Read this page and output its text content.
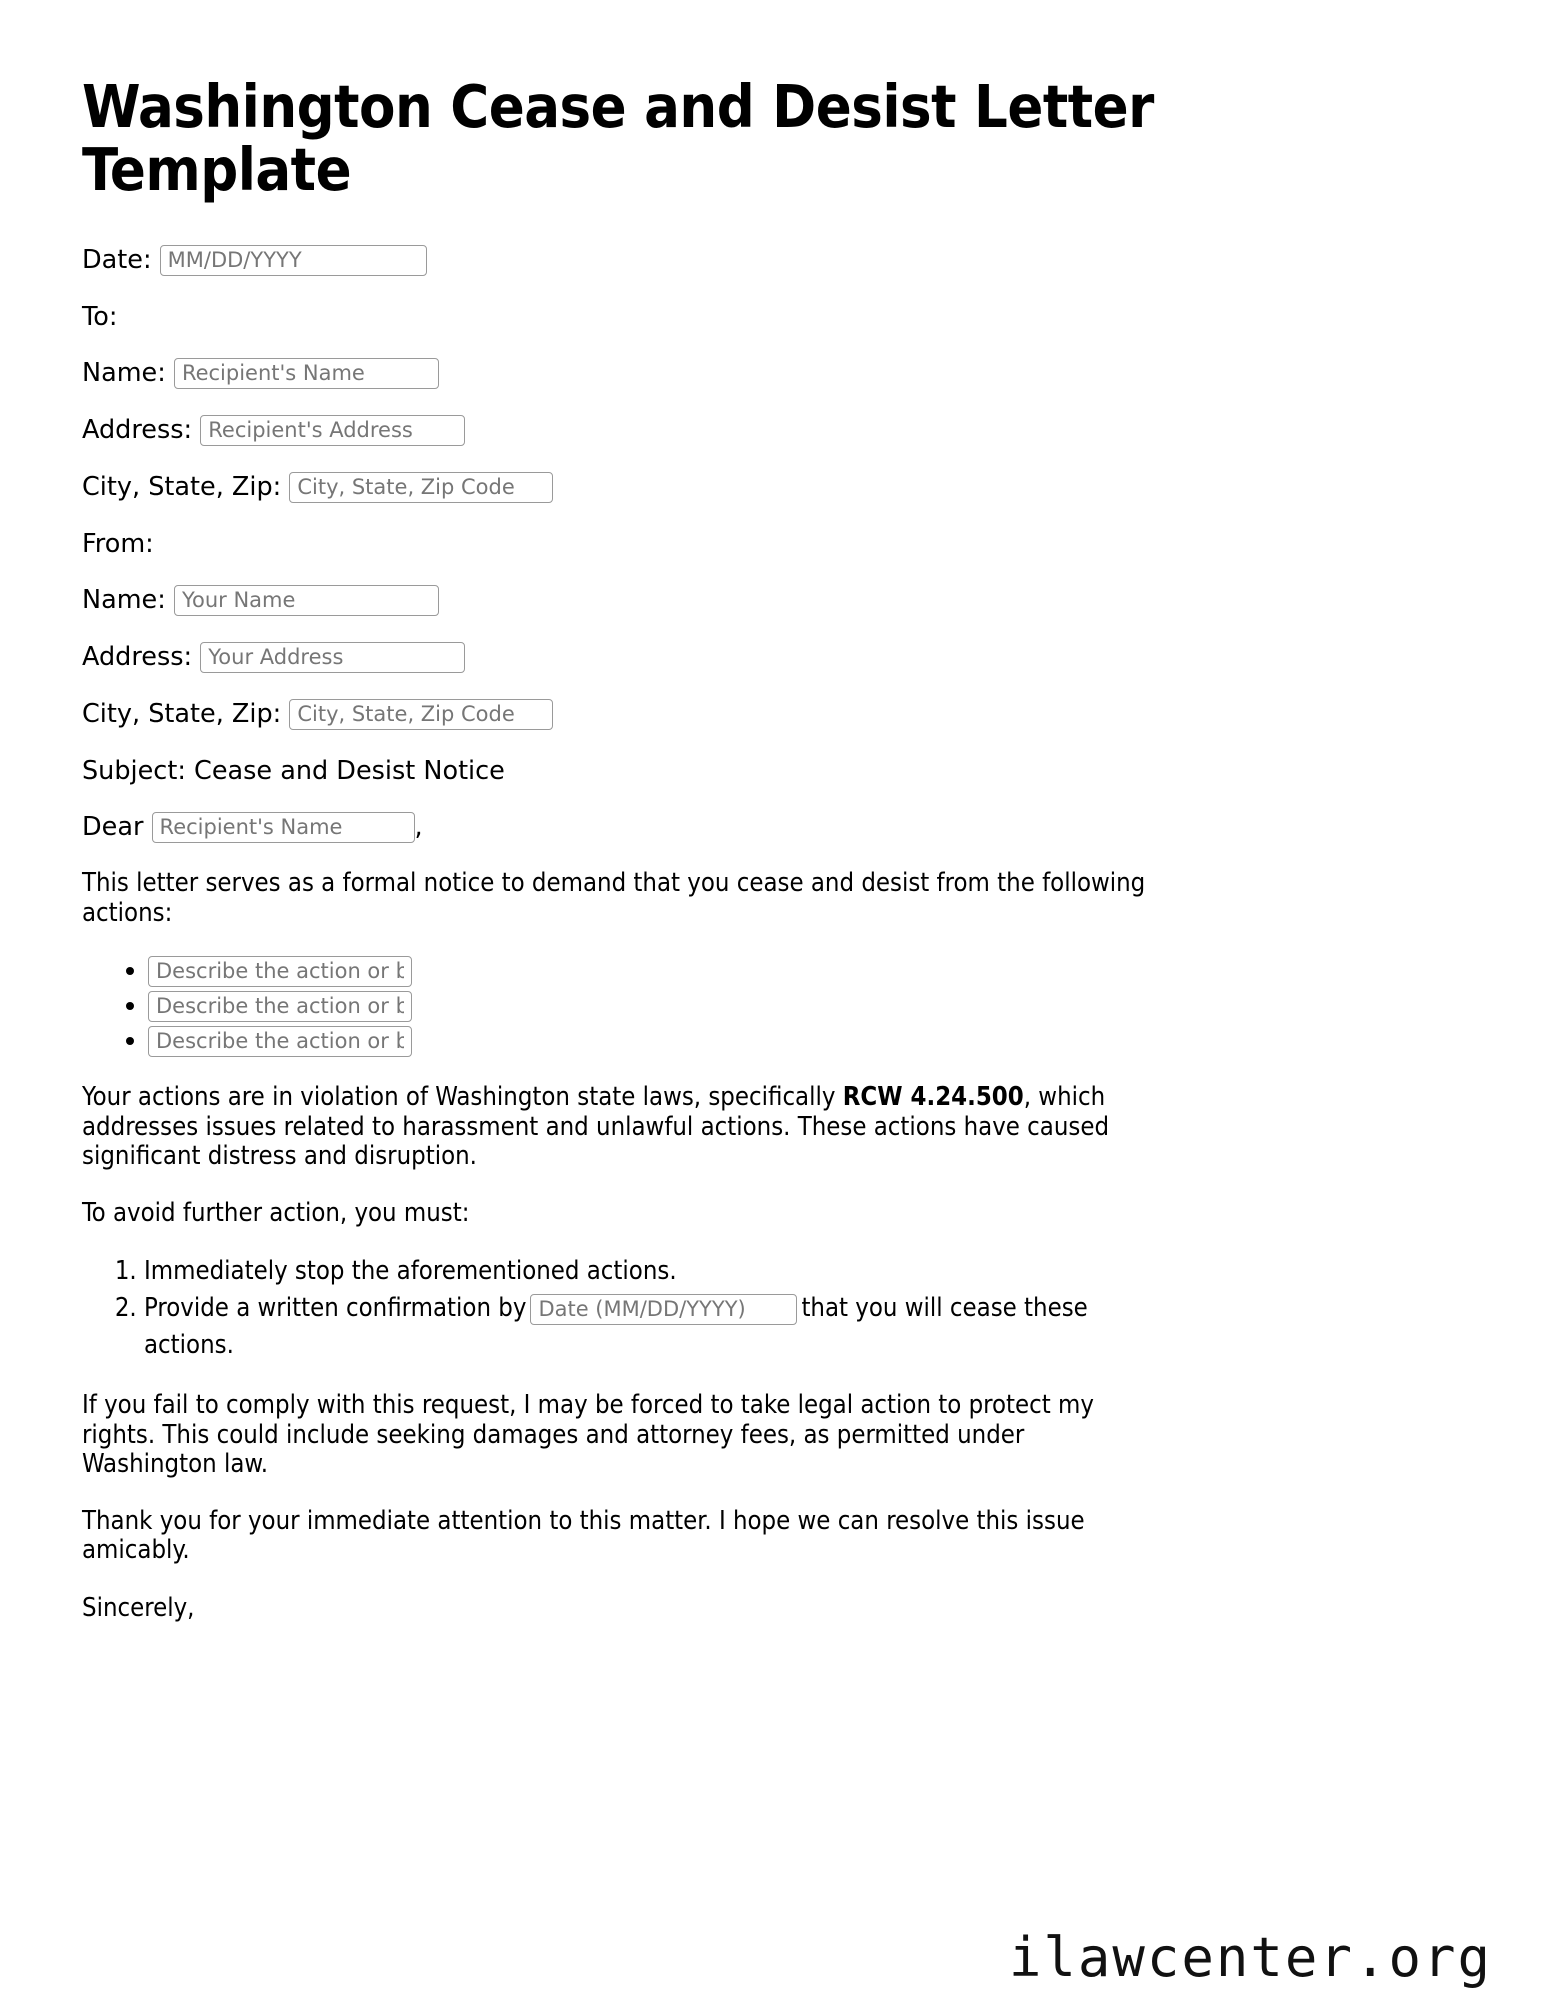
Washington Cease and Desist Letter Template
Date:

MM/DD/YYYY
To:
Name:

Recipient's Name
Address:

Recipient's Address
City, State, Zip:

City, State, Zip Code
From:
Name:

Your Name
Address:

Your Address
City, State, Zip:

City, State, Zip Code
Subject: Cease and Desist Notice
Dear

Recipient's Name	,

This letter serves as a formal notice to demand that you cease and desist from the following actions:

• Describe the action or behavior
• Describe the action or behavior
• Describe the action or behavior

Your actions are in violation of Washington state laws, specifically RCW 4.24.500, which addresses issues related to harassment and unlawful actions. These actions have caused significant distress and disruption.

To avoid further action, you must:

1. Immediately stop the aforementioned actions.
2. Provide a written confirmation byDate (MM/DD/YYYY)	that you will cease these actions.

If you fail to comply with this request, I may be forced to take legal action to protect my rights. This could include seeking damages and attorney fees, as permitted under Washington law.

Thank you for your immediate attention to this matter. I hope we can resolve this issue amicably.

Sincerely,

ilawcenter.org
